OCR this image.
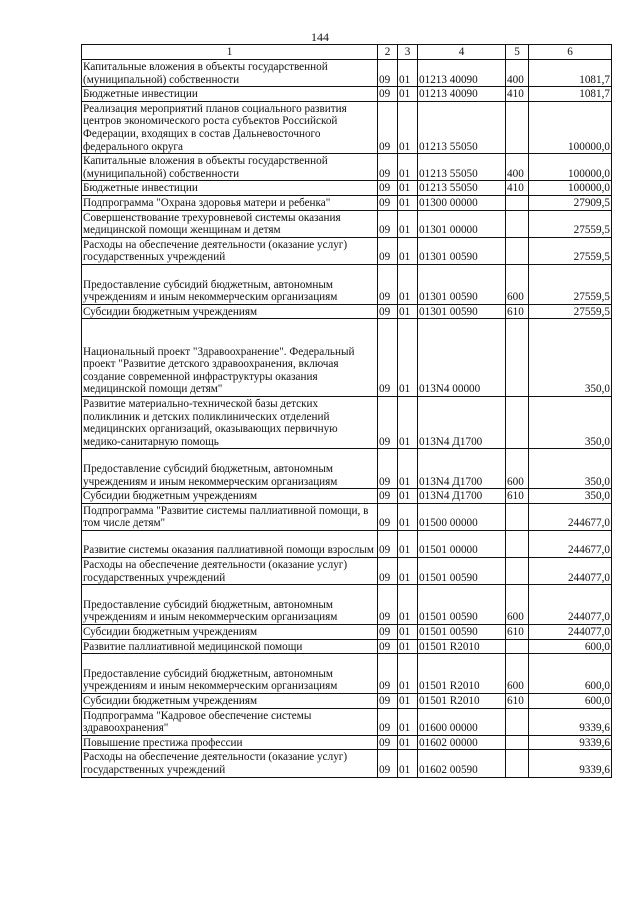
144
1	2	3	4	5	6
Капитальные вложения в объекты государственной (муниципальной) собственности	09	01	01213 40090	400	1081,7
Бюджетные инвестиции	09	01	01213 40090	410	1081,7
Реализация мероприятий планов социального развития центров экономического роста субъектов Российской Федерации, входящих в состав Дальневосточного федерального округа	09	01	01213 55050		100000,0
Капитальные вложения в объекты государственной (муниципальной) собственности	09	01	01213 55050	400	100000,0
Бюджетные инвестиции	09	01	01213 55050	410	100000,0
Подпрограмма "Охрана здоровья матери и ребенка"	09	01	01300 00000		27909,5
Совершенствование трехуровневой системы оказания медицинской помощи женщинам и детям	09	01	01301 00000		27559,5
Расходы на обеспечение деятельности (оказание услуг) государственных учреждений	09	01	01301 00590		27559,5
Предоставление субсидий бюджетным, автономным учреждениям и иным некоммерческим организациям	09	01	01301 00590	600	27559,5
Субсидии бюджетным учреждениям	09	01	01301 00590	610	27559,5
Национальный проект "Здравоохранение". Федеральный проект "Развитие детского здравоохранения, включая создание современной инфраструктуры оказания медицинской помощи детям"	09	01	013N4 00000		350,0
Развитие материально-технической базы детских поликлиник и детских поликлинических отделений медицинских организаций, оказывающих первичную медико-санитарную помощь	09	01	013N4 Д1700		350,0
Предоставление субсидий бюджетным, автономным учреждениям и иным некоммерческим организациям	09	01	013N4 Д1700	600	350,0
Субсидии бюджетным учреждениям	09	01	013N4 Д1700	610	350,0
Подпрограмма "Развитие системы паллиативной помощи, в том числе детям"	09	01	01500 00000		244677,0
Развитие системы оказания паллиативной помощи взрослым	09	01	01501 00000		244677,0
Расходы на обеспечение деятельности (оказание услуг) государственных учреждений	09	01	01501 00590		244077,0
Предоставление субсидий бюджетным, автономным учреждениям и иным некоммерческим организациям	09	01	01501 00590	600	244077,0
Субсидии бюджетным учреждениям	09	01	01501 00590	610	244077,0
Развитие паллиативной медицинской помощи	09	01	01501 R2010		600,0
Предоставление субсидий бюджетным, автономным учреждениям и иным некоммерческим организациям	09	01	01501 R2010	600	600,0
Субсидии бюджетным учреждениям	09	01	01501 R2010	610	600,0
Подпрограмма "Кадровое обеспечение системы здравоохранения"	09	01	01600 00000		9339,6
Повышение престижа профессии	09	01	01602 00000		9339,6
Расходы на обеспечение деятельности (оказание услуг) государственных учреждений	09	01	01602 00590		9339,6
